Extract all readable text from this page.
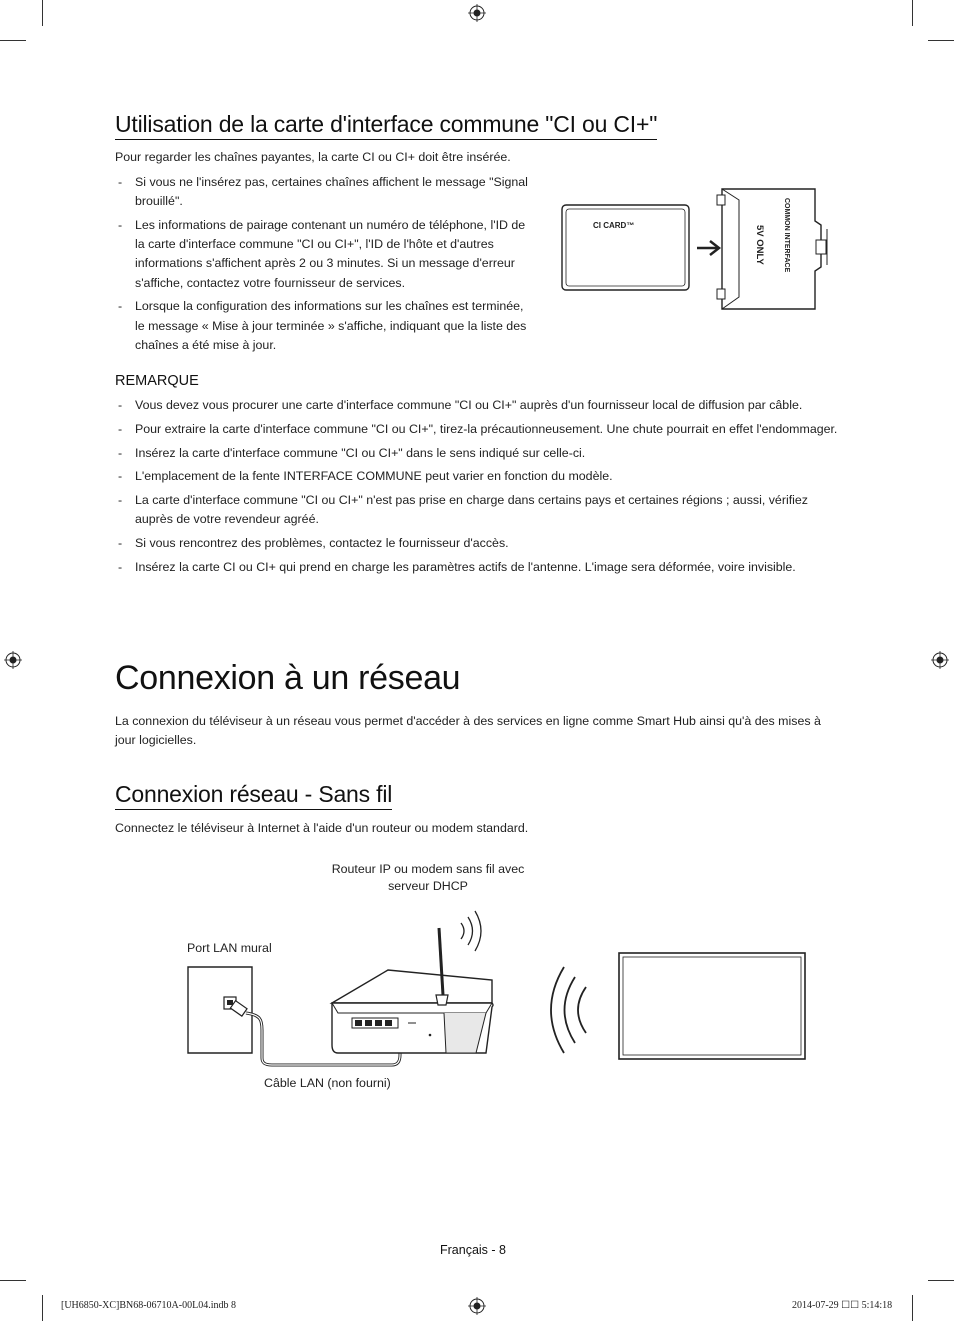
Utilisation de la carte d'interface commune "CI ou CI+"
Pour regarder les chaînes payantes, la carte CI ou CI+ doit être insérée.
- Si vous ne l'insérez pas, certaines chaînes affichent le message "Signal brouillé".
- Les informations de pairage contenant un numéro de téléphone, l'ID de la carte d'interface commune "CI ou CI+", l'ID de l'hôte et d'autres informations s'affichent après 2 ou 3 minutes. Si un message d'erreur s'affiche, contactez votre fournisseur de services.
- Lorsque la configuration des informations sur les chaînes est terminée, le message « Mise à jour terminée » s'affiche, indiquant que la liste des chaînes a été mise à jour.
CI CARD™	COMMON INTERFACE
5V ONLY
REMARQUE
- Vous devez vous procurer une carte d'interface commune "CI ou CI+" auprès d'un fournisseur local de diffusion par câble.
- Pour extraire la carte d'interface commune "CI ou CI+", tirez-la précautionneusement. Une chute pourrait en effet l'endommager.
- Insérez la carte d'interface commune "CI ou CI+" dans le sens indiqué sur celle-ci.
- L'emplacement de la fente INTERFACE COMMUNE peut varier en fonction du modèle.
- La carte d'interface commune "CI ou CI+" n'est pas prise en charge dans certains pays et certaines régions ; aussi, vérifiez auprès de votre revendeur agréé.
- Si vous rencontrez des problèmes, contactez le fournisseur d'accès.
- Insérez la carte CI ou CI+ qui prend en charge les paramètres actifs de l'antenne. L'image sera déformée, voire invisible.
Connexion à un réseau
La connexion du téléviseur à un réseau vous permet d'accéder à des services en ligne comme Smart Hub ainsi qu'à des mises à jour logicielles.
Connexion réseau - Sans fil
Connectez le téléviseur à Internet à l'aide d'un routeur ou modem standard.
Routeur IP ou modem sans fil avec
serveur DHCP
Port LAN mural
Câble LAN (non fourni)
Français - 8
[UH6850-XC]BN68-06710A-00L04.indb 8	2014-07-29 ☐☐ 5:14:18
